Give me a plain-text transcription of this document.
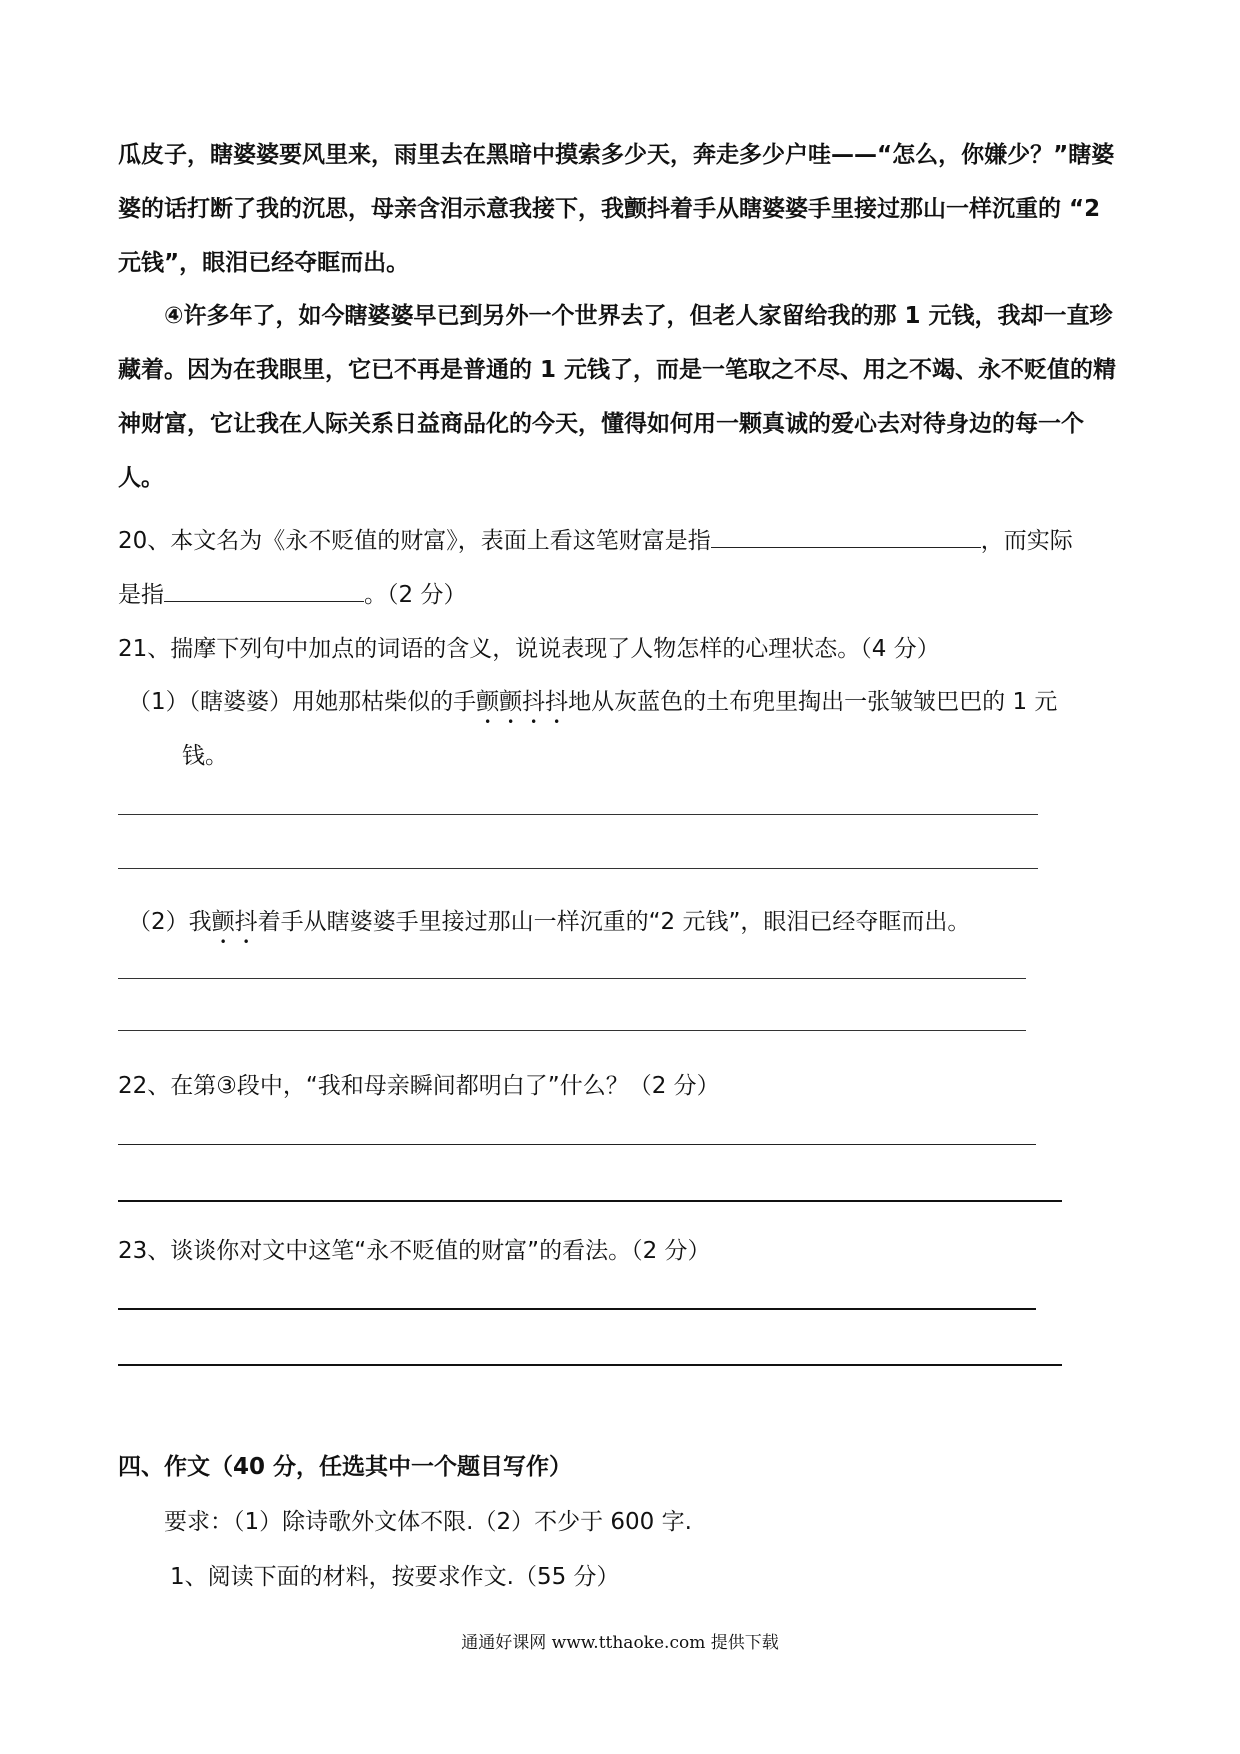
瓜皮子，瞎婆婆要风里来，雨里去在黑暗中摸索多少天，奔走多少户哇——“怎么，你嫌少？”瞎婆婆的话打断了我的沉思，母亲含泪示意我接下，我颤抖着手从瞎婆婆手里接过那山一样沉重的 “2 元钱”，眼泪已经夺眶而出。

④许多年了，如今瞎婆婆早已到另外一个世界去了，但老人家留给我的那 1 元钱，我却一直珍藏着。因为在我眼里，它已不再是普通的 1 元钱了，而是一笔取之不尽、用之不竭、永不贬值的精神财富，它让我在人际关系日益商品化的今天，懂得如何用一颗真诚的爱心去对待身边的每一个人。

20、本文名为《永不贬值的财富》，表面上看这笔财富是指	，而实际
是指	。（2 分）
21、揣摩下列句中加点的词语的含义，说说表现了人物怎样的心理状态。（4 分）
（1）（瞎婆婆）用她那枯柴似的手颤颤抖抖地从灰蓝色的土布兜里掏出一张皱皱巴巴的 1 元
钱。
（2）我颤抖着手从瞎婆婆手里接过那山一样沉重的“2 元钱”，眼泪已经夺眶而出。
22、在第③段中，“我和母亲瞬间都明白了”什么？（2 分）
23、谈谈你对文中这笔“永不贬值的财富”的看法。（2 分）
四、作文（40 分，任选其中一个题目写作）
要求：（1）除诗歌外文体不限.（2）不少于 600 字.
1、阅读下面的材料，按要求作文.（55 分）
通通好课网 www.tthaoke.com 提供下载
